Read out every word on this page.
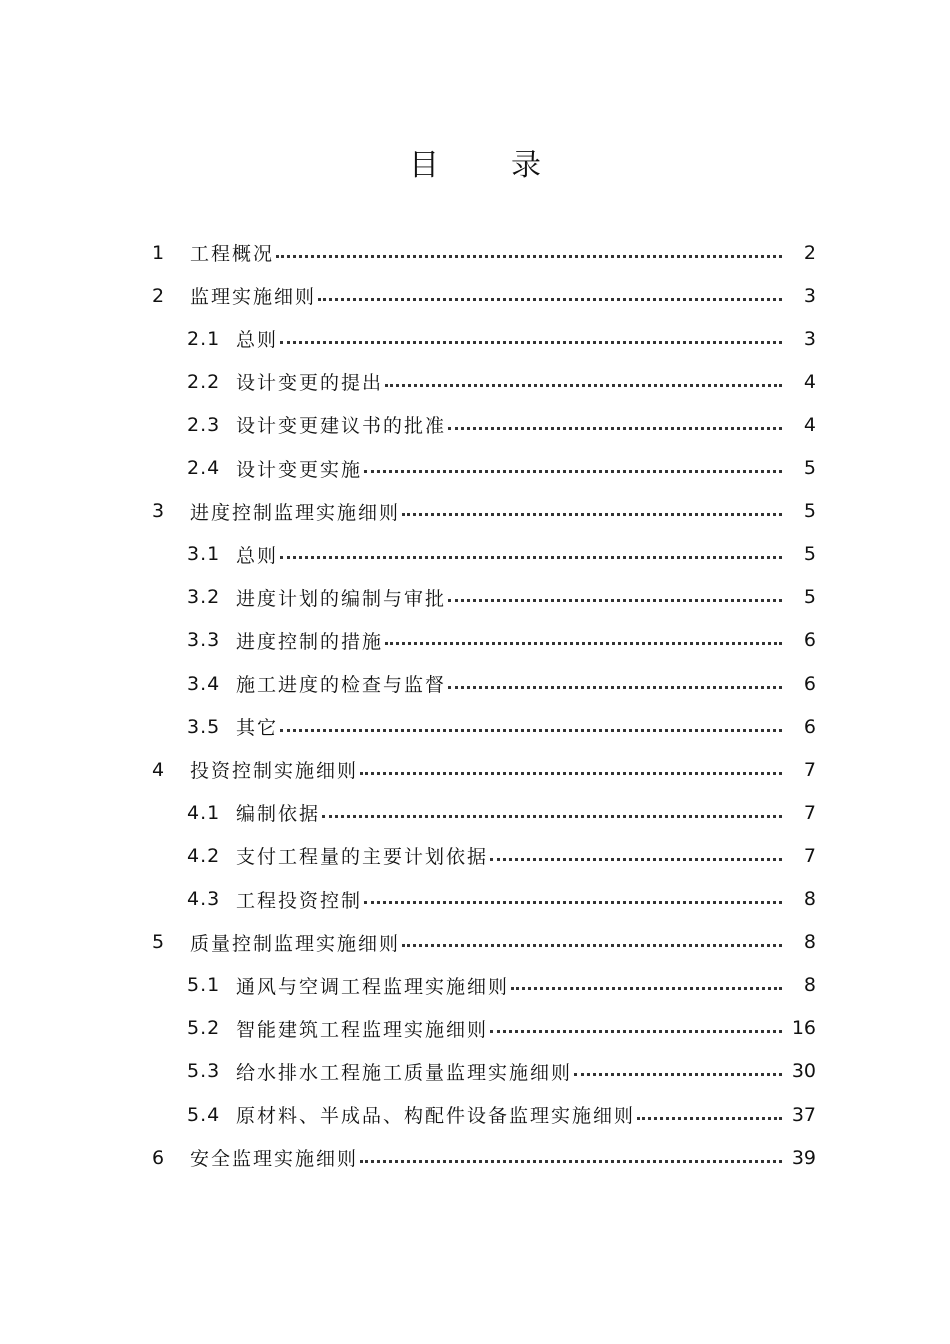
目 录
1 工程概况	2
2 监理实施细则	3
2.1 总则	3
2.2 设计变更的提出	4
2.3 设计变更建议书的批准	4
2.4 设计变更实施	5
3 进度控制监理实施细则	5
3.1 总则	5
3.2 进度计划的编制与审批	5
3.3 进度控制的措施	6
3.4 施工进度的检查与监督	6
3.5 其它	6
4 投资控制实施细则	7
4.1 编制依据	7
4.2 支付工程量的主要计划依据	7
4.3 工程投资控制	8
5 质量控制监理实施细则	8
5.1 通风与空调工程监理实施细则	8
5.2 智能建筑工程监理实施细则	16
5.3 给水排水工程施工质量监理实施细则	30
5.4 原材料、半成品、构配件设备监理实施细则	37
6 安全监理实施细则	39
